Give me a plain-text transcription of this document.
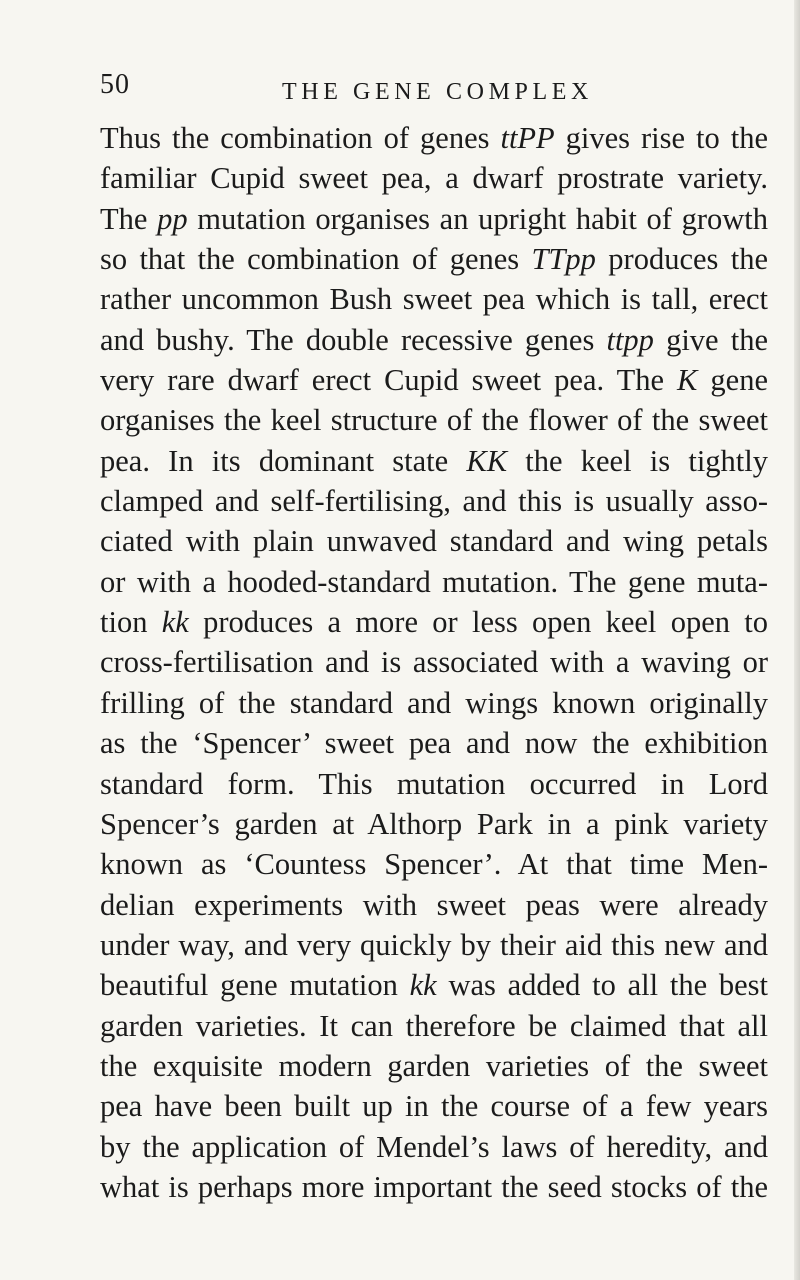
50	THE GENE COMPLEX
Thus the combination of genes ttPP gives rise to the
familiar Cupid sweet pea, a dwarf prostrate variety.
The pp mutation organises an upright habit of growth
so that the combination of genes TTpp produces the
rather uncommon Bush sweet pea which is tall, erect
and bushy. The double recessive genes ttpp give the
very rare dwarf erect Cupid sweet pea. The K gene
organises the keel structure of the flower of the sweet
pea. In its dominant state KK the keel is tightly
clamped and self-fertilising, and this is usually asso-
ciated with plain unwaved standard and wing petals
or with a hooded-standard mutation. The gene muta-
tion kk produces a more or less open keel open to
cross-fertilisation and is associated with a waving or
frilling of the standard and wings known originally
as the ‘Spencer’ sweet pea and now the exhibition
standard form. This mutation occurred in Lord
Spencer’s garden at Althorp Park in a pink variety
known as ‘Countess Spencer’. At that time Men-
delian experiments with sweet peas were already
under way, and very quickly by their aid this new and
beautiful gene mutation kk was added to all the best
garden varieties. It can therefore be claimed that all
the exquisite modern garden varieties of the sweet
pea have been built up in the course of a few years
by the application of Mendel’s laws of heredity, and
what is perhaps more important the seed stocks of the
